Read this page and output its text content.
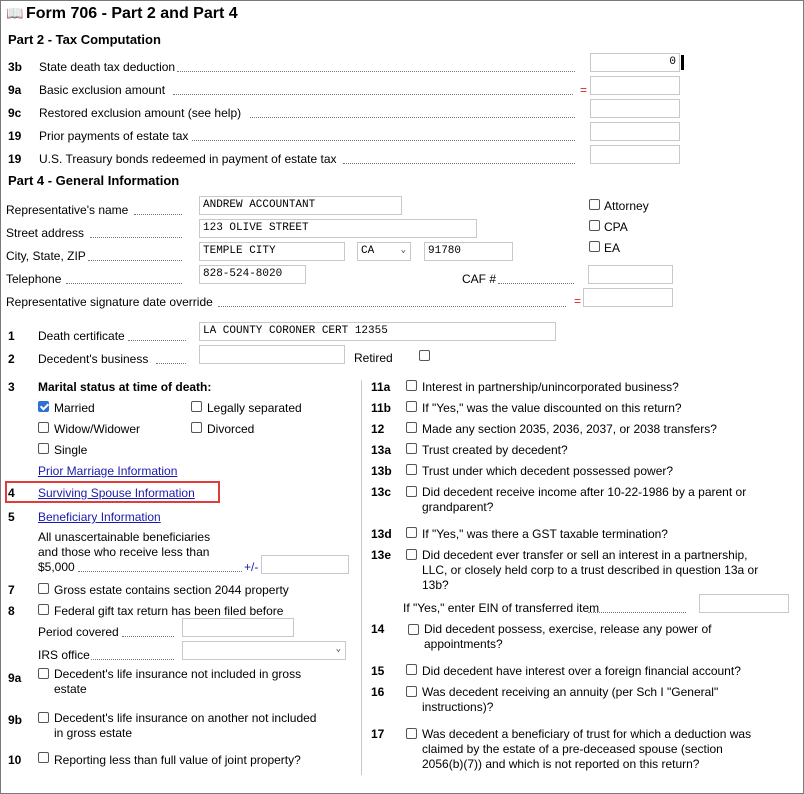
📖 Form 706 - Part 2 and Part 4
Part 2 - Tax Computation
3b State death tax deduction	0
9a Basic exclusion amount	=
9c Restored exclusion amount (see help)
19 Prior payments of estate tax
19 U.S. Treasury bonds redeemed in payment of estate tax
Part 4 - General Information
Representative's name	ANDREW ACCOUNTANT
Street address	123 OLIVE STREET
City, State, ZIP	TEMPLE CITY	CA	⌄	91780
Telephone	828-524-8020	CAF #
Representative signature date override	=
Attorney
CPA
EA
1 Death certificate	LA COUNTY CORONER CERT 12355
2 Decedent's business	Retired
3 Marital status at time of death:
Married	Legally separated
Widow/Widower	Divorced
Single
Prior Marriage Information
4 Surviving Spouse Information
5 Beneficiary Information
All unascertainable beneficiaries
and those who receive less than
$5,000	+/-
7	Gross estate contains section 2044 property
8	Federal gift tax return has been filed before
Period covered
IRS office	⌄
9a	Decedent's life insurance not included in gross
estate
9b	Decedent's life insurance on another not included
in gross estate
10	Reporting less than full value of joint property?
11a	Interest in partnership/unincorporated business?
11b	If "Yes," was the value discounted on this return?
12	Made any section 2035, 2036, 2037, or 2038 transfers?
13a	Trust created by decedent?
13b	Trust under which decedent possessed power?
13c	Did decedent receive income after 10-22-1986 by a parent or
grandparent?
13d	If "Yes," was there a GST taxable termination?
13e	Did decedent ever transfer or sell an interest in a partnership,
LLC, or closely held corp to a trust described in question 13a or
13b?
If "Yes," enter EIN of transferred item
14	Did decedent possess, exercise, release any power of
appointments?
15	Did decedent have interest over a foreign financial account?
16	Was decedent receiving an annuity (per Sch I "General"
instructions)?
17	Was decedent a beneficiary of trust for which a deduction was
claimed by the estate of a pre-deceased spouse (section
2056(b)(7)) and which is not reported on this return?
